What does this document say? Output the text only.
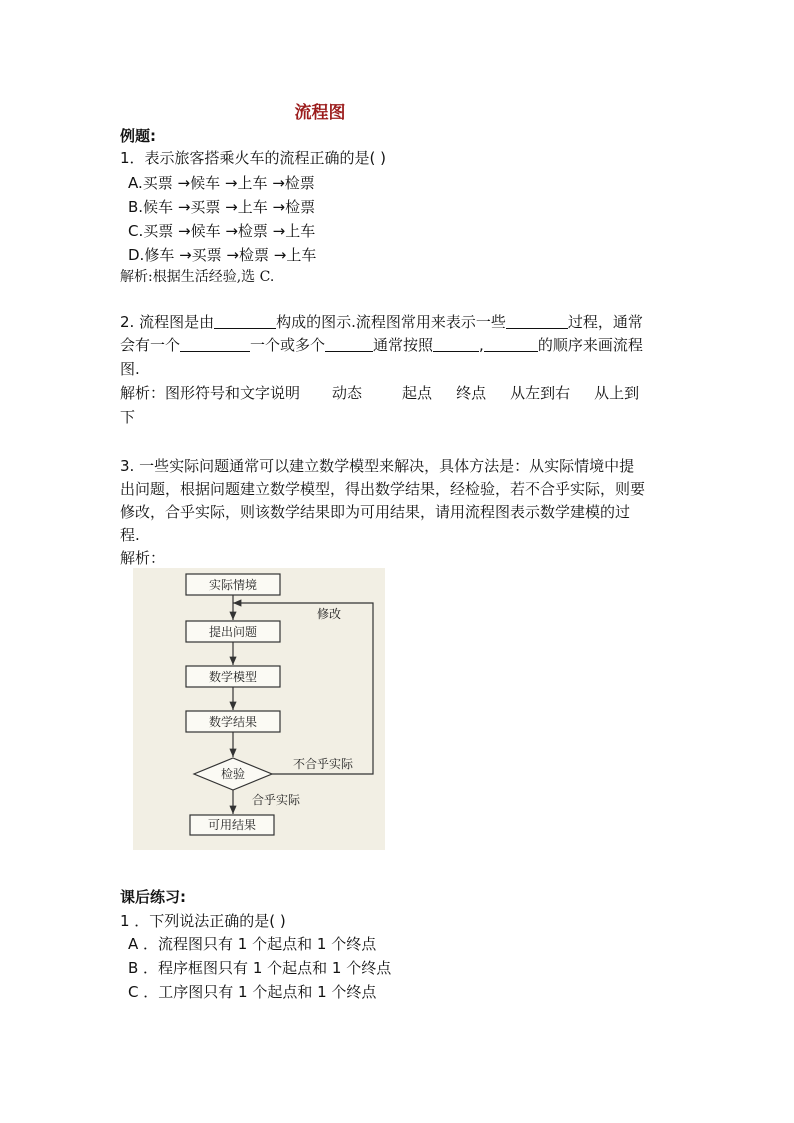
流程图
例题:
1．表示旅客搭乘火车的流程正确的是( )
A.买票 →候车 →上车 →检票
B.候车 →买票 →上车 →检票
C.买票 →候车 →检票 →上车
D.修车 →买票 →检票 →上车
解析:根据生活经验,选 C.
2. 流程图是由	构成的图示.流程图常用来表示一些	过程，通常
会有一个	一个或多个	通常按照	,	的顺序来画流程
图.
解析：图形符号和文字说明 动态	起点 终点 从左到右 从上到
下
3. 一些实际问题通常可以建立数学模型来解决，具体方法是：从实际情境中提
出问题，根据问题建立数学模型，得出数学结果，经检验，若不合乎实际，则要
修改，合乎实际，则该数学结果即为可用结果，请用流程图表示数学建模的过
程.
解析：
课后练习:
1 ．下列说法正确的是( )
A ．流程图只有 1 个起点和 1 个终点
B ．程序框图只有 1 个起点和 1 个终点
C ．工序图只有 1 个起点和 1 个终点
实际情境
提出问题
数学模型
数学结果
检验
可用结果
修改
不合乎实际
合乎实际
